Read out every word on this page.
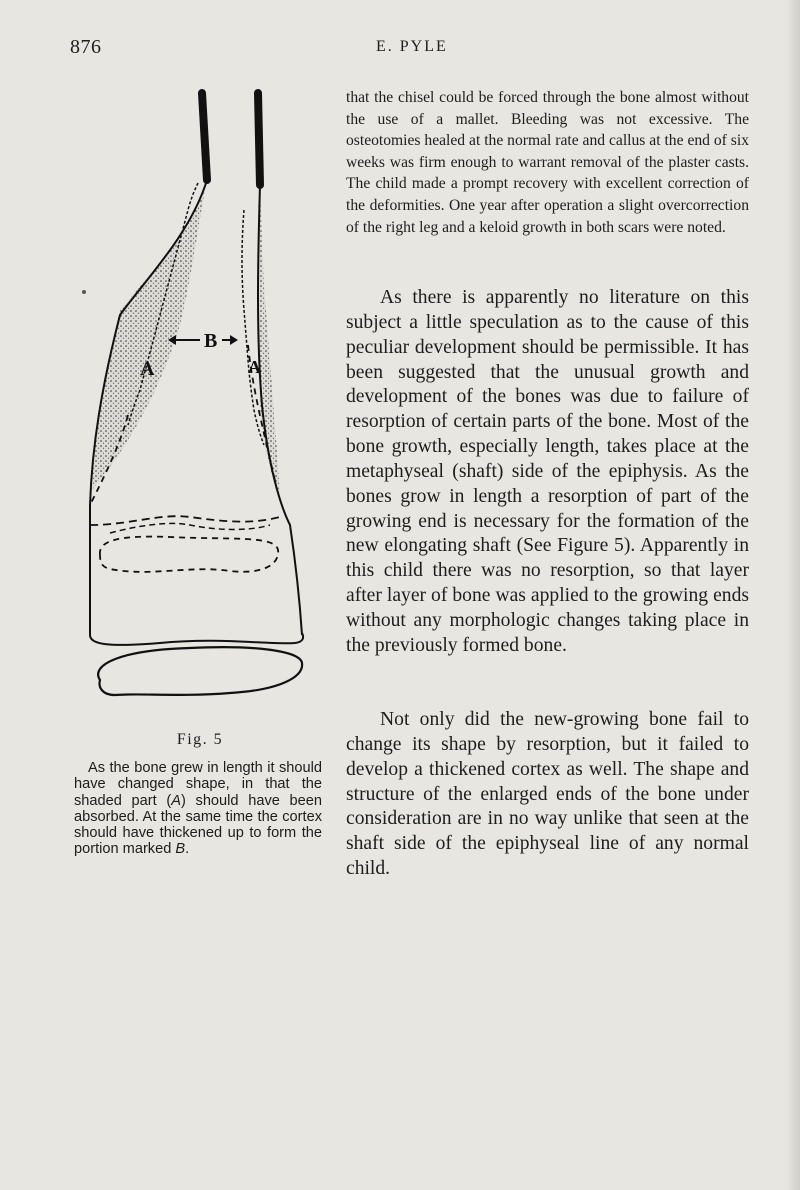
876	E. PYLE
A	A
B
Fig. 5
As the bone grew in length it should have changed shape, in that the shaded part (A) should have been absorbed. At the same time the cortex should have thickened up to form the portion marked B.
that the chisel could be forced through the bone almost without the use of a mallet. Bleeding was not excessive. The osteotomies healed at the normal rate and callus at the end of six weeks was firm enough to warrant removal of the plaster casts. The child made a prompt recovery with excellent correction of the deformities. One year after operation a slight overcorrection of the right leg and a keloid growth in both scars were noted.
As there is apparently no literature on this subject a little speculation as to the cause of this peculiar development should be permissible. It has been suggested that the unusual growth and development of the bones was due to failure of resorption of certain parts of the bone. Most of the bone growth, especially length, takes place at the metaphyseal (shaft) side of the epiphysis. As the bones grow in length a resorption of part of the growing end is necessary for the formation of the new elongating shaft (See Figure 5). Apparently in this child there was no resorption, so that layer after layer of bone was applied to the growing ends without any morphologic changes taking place in the previously formed bone.
Not only did the new-growing bone fail to change its shape by resorption, but it failed to develop a thickened cortex as well. The shape and structure of the enlarged ends of the bone under consideration are in no way unlike that seen at the shaft side of the epiphyseal line of any normal child.
